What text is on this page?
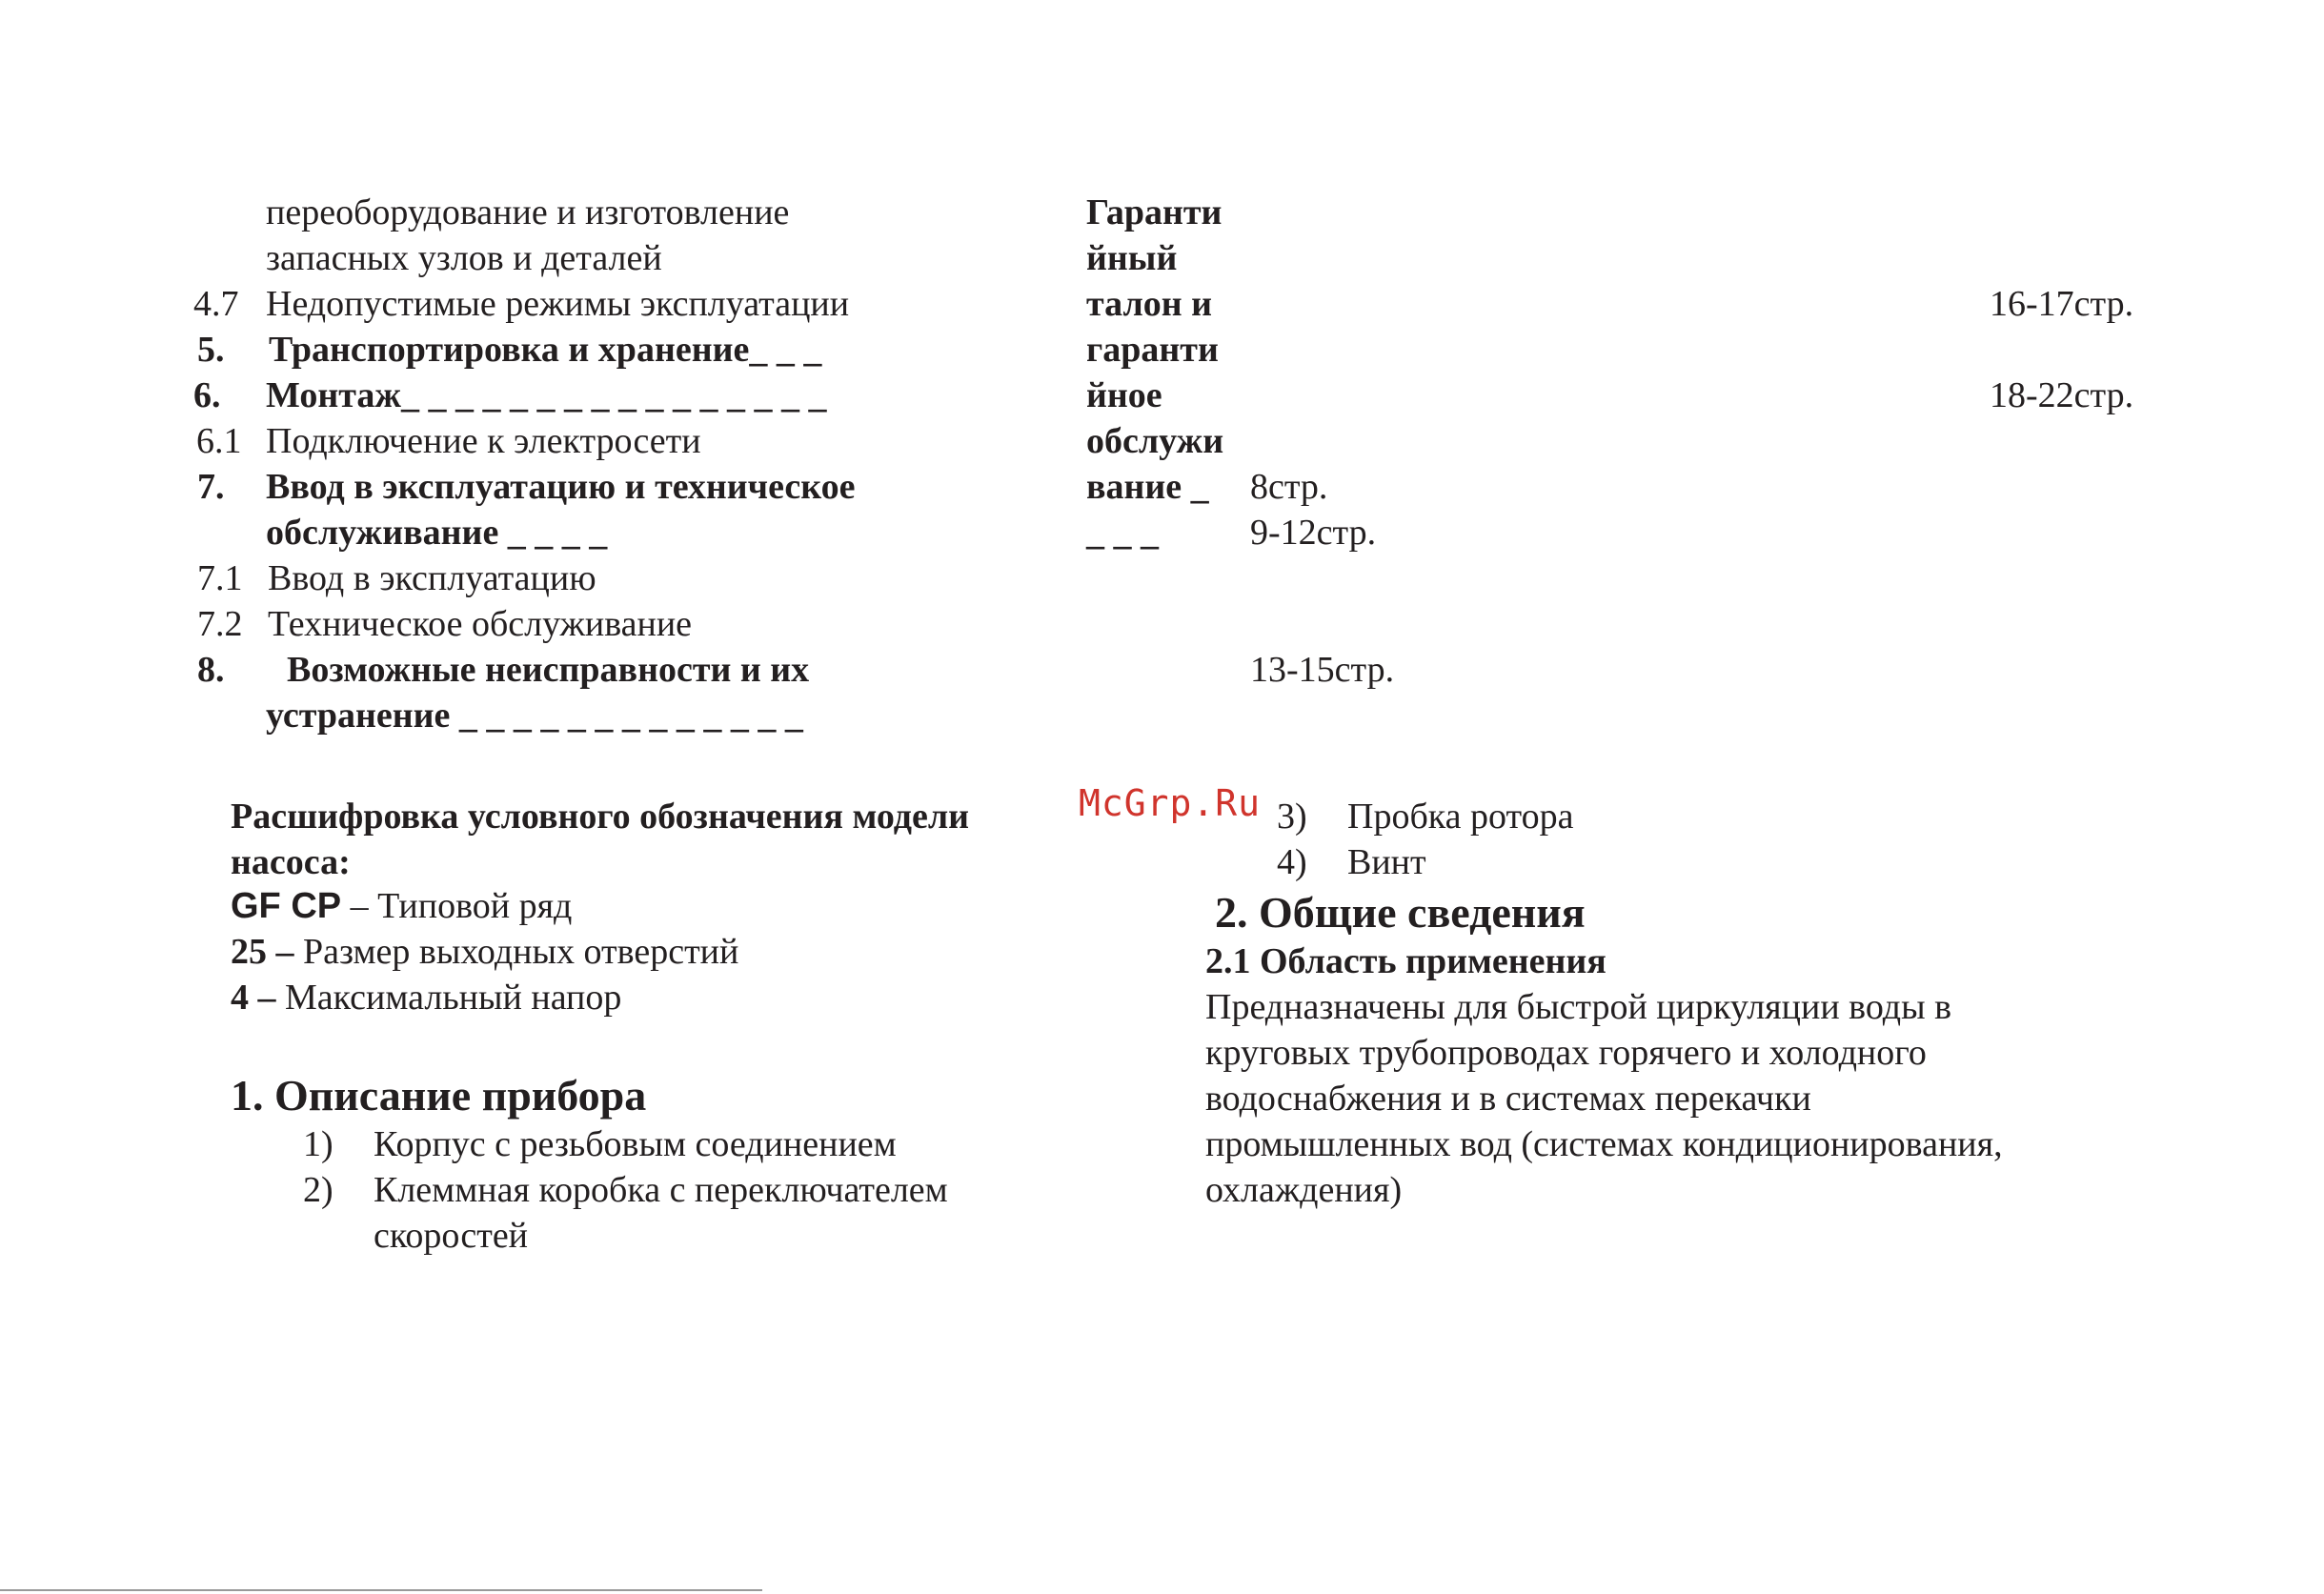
переоборудование и изготовление
запасных узлов и деталей
4.7 Недопустимые режимы эксплуатации
5. Транспортировка и хранение_ _ _
6. Монтаж_ _ _ _ _ _ _ _ _ _ _ _ _ _ _ _
6.1 Подключение к электросети
7. Ввод в эксплуатацию и техническое
обслуживание _ _ _ _
7.1 Ввод в эксплуатацию
7.2 Техническое обслуживание
8. Возможные неисправности и их
устранение _ _ _ _ _ _ _ _ _ _ _ _ _
Гаранти
йный
талон и
гаранти
йное
обслужи
вание _
_ _ _
8стр.
9-12стр.
13-15стр.
16-17стр.
18-22стр.
Расшифровка условного обозначения модели
насоса:
GF CP – Типовой ряд
25 – Размер выходных отверстий
4 – Максимальный напор
1. Описание прибора
1) Корпус с резьбовым соединением
2) Клеммная коробка с переключателем
скоростей
McGrp.Ru 3) Пробка ротора
4) Винт
2. Общие сведения
2.1 Область применения
Предназначены для быстрой циркуляции воды в
круговых трубопроводах горячего и холодного
водоснабжения и в системах перекачки
промышленных вод (системах кондиционирования,
охлаждения)
